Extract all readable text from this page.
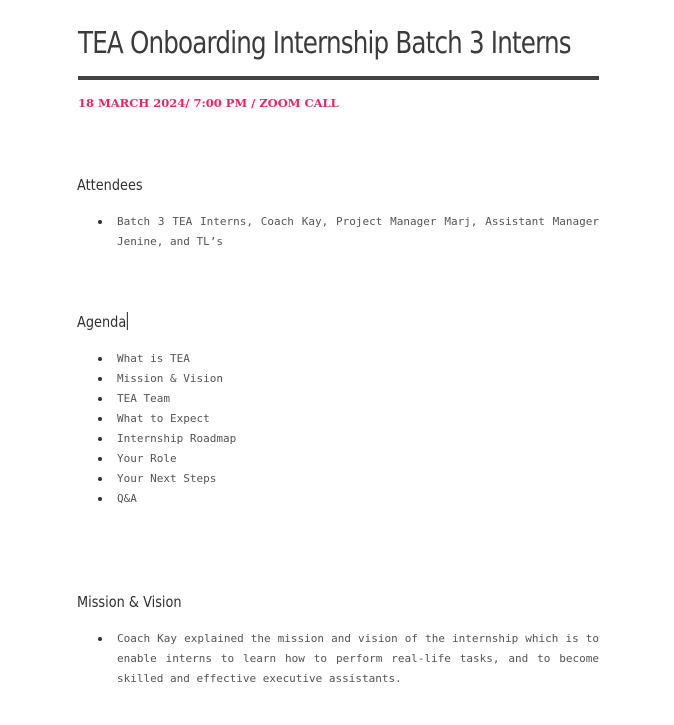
TEA Onboarding Internship Batch 3 Interns
18 MARCH 2024/ 7:00 PM / ZOOM CALL
Attendees
Batch 3 TEA Interns, Coach Kay, Project Manager Marj, Assistant Manager Jenine, and TL’s
Agenda
What is TEA
Mission & Vision
TEA Team
What to Expect
Internship Roadmap
Your Role
Your Next Steps
Q&A
Mission & Vision
Coach Kay explained the mission and vision of the internship which is to enable interns to learn how to perform real-life tasks, and to become skilled and effective executive assistants.
